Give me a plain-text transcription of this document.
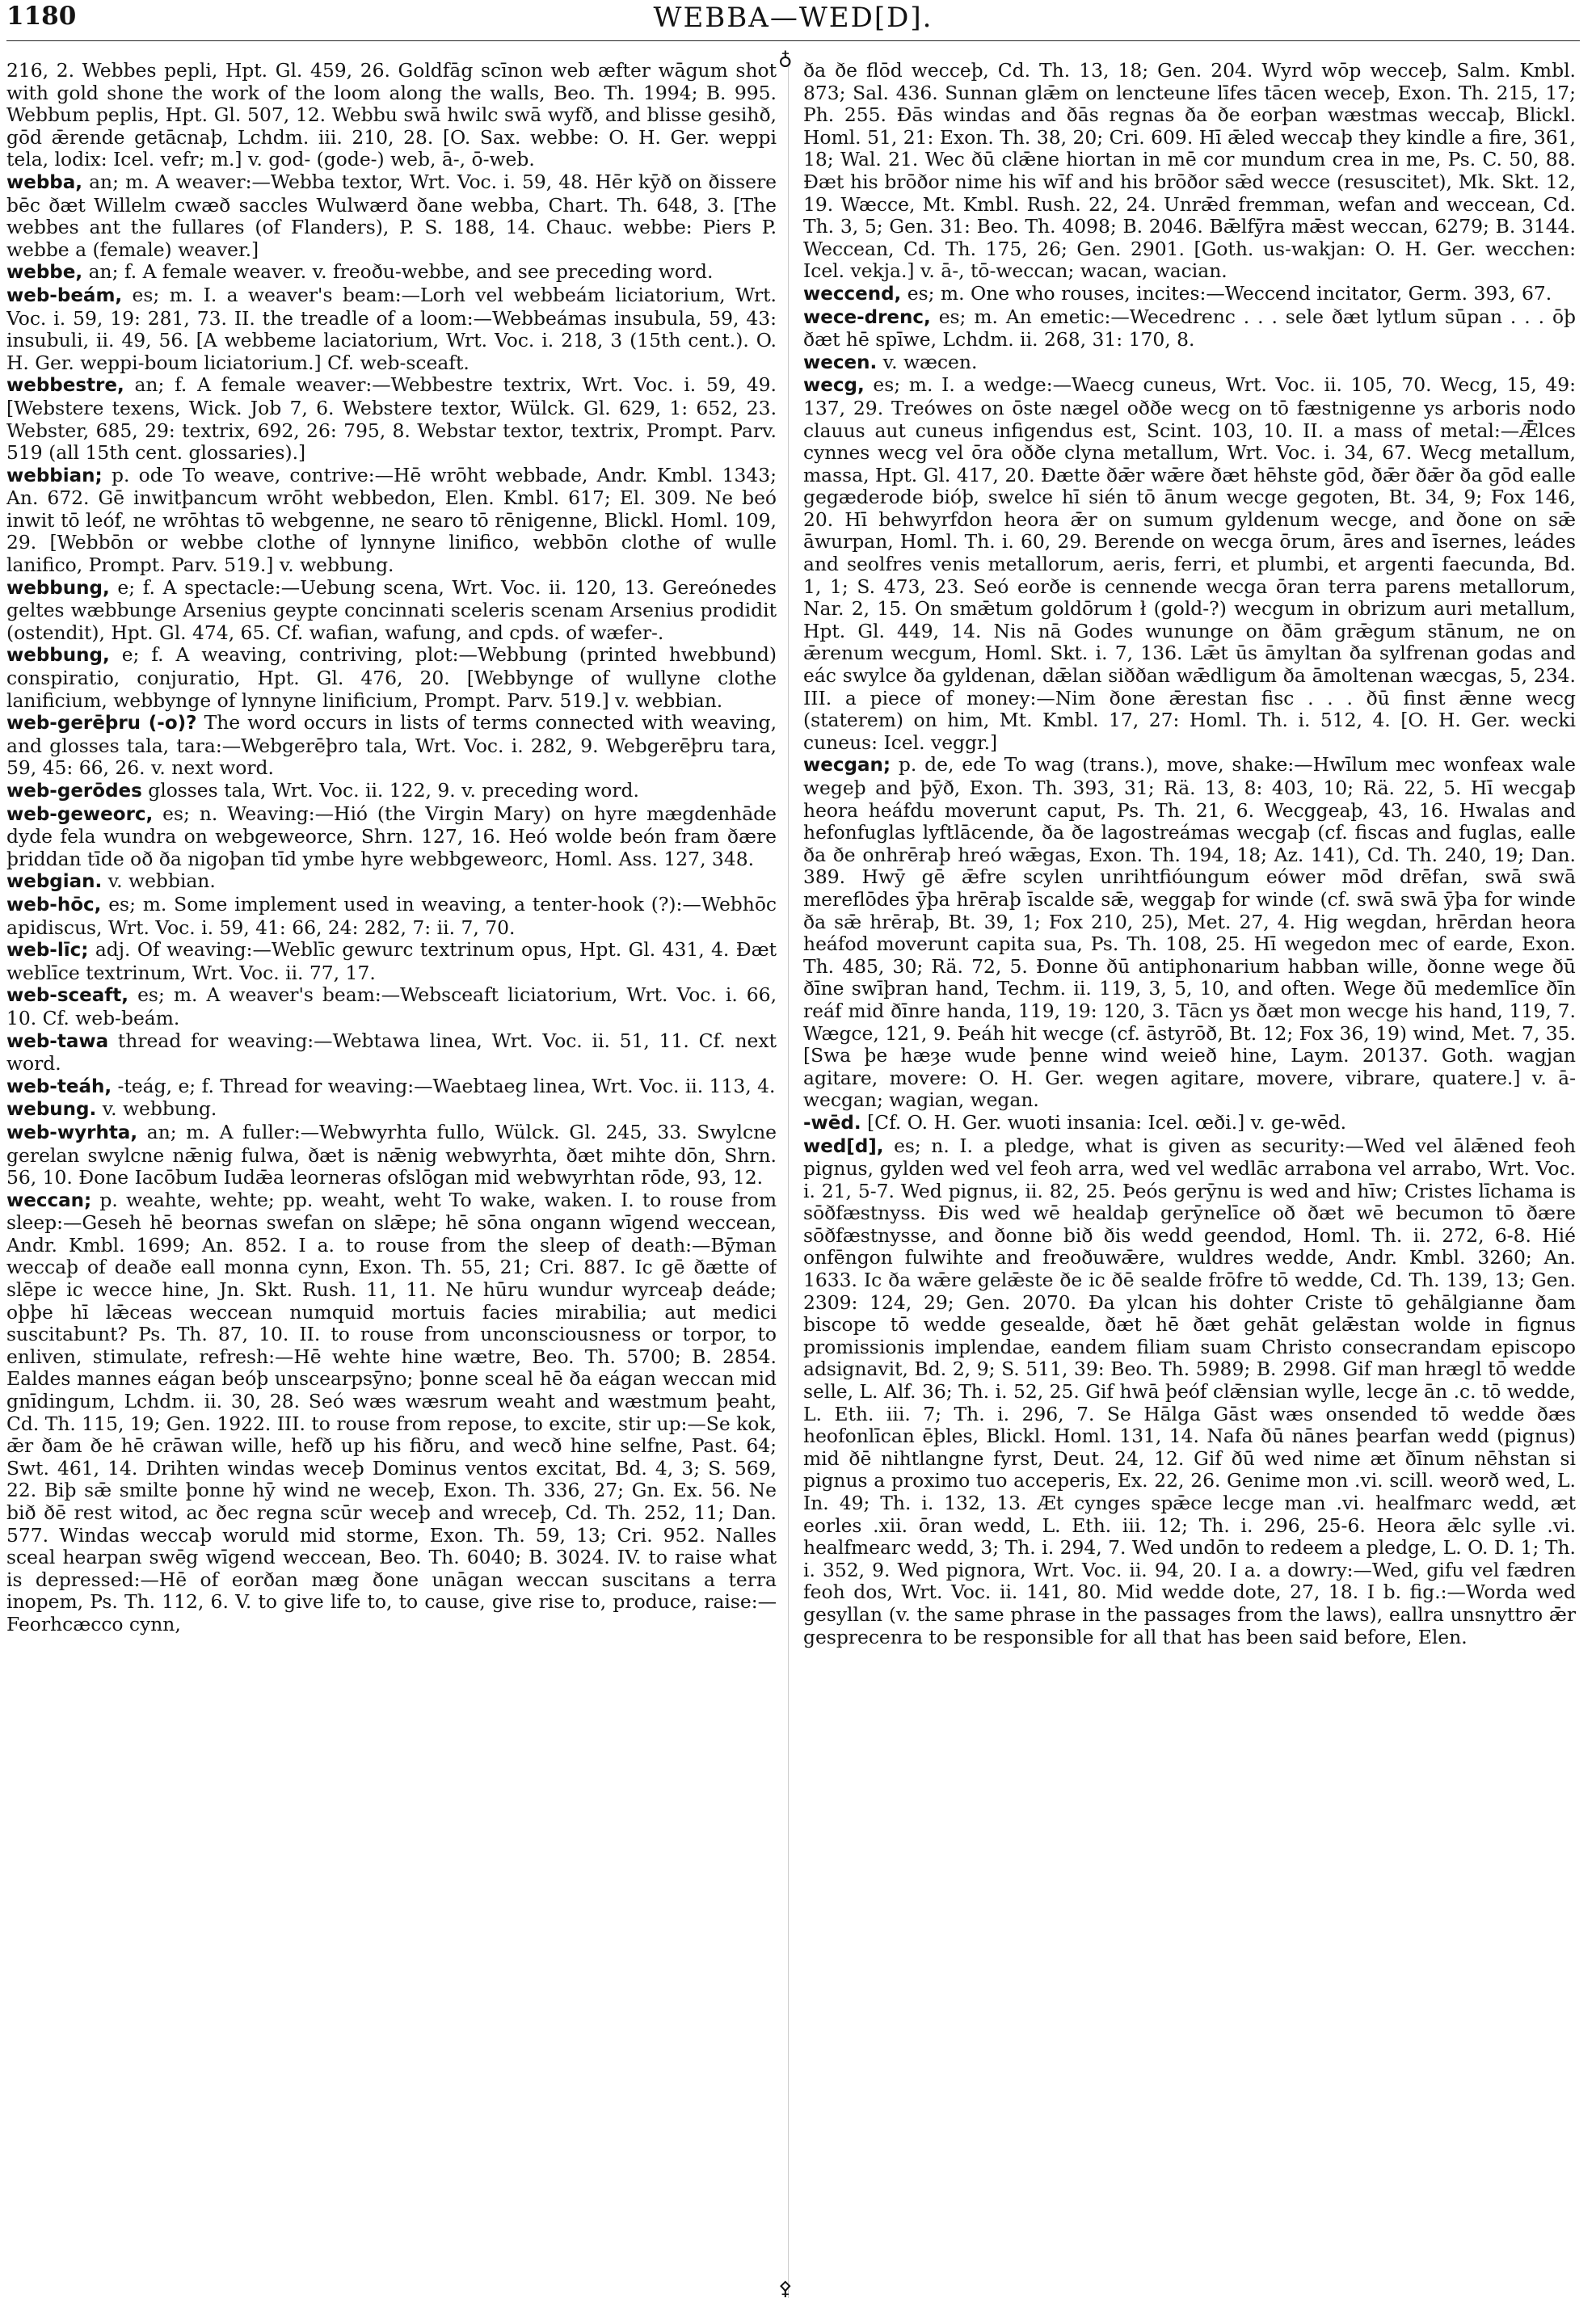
1180	WEBBA—WED[D].
♁
⚴

216, 2. Webbes pepli, Hpt. Gl. 459, 26. Goldfāg scīnon web æfter wāgum shot with gold shone the work of the loom along the walls, Beo. Th. 1994; B. 995. Webbum peplis, Hpt. Gl. 507, 12. Webbu swā hwilc swā wyfð, and blisse gesihð, gōd ǣrende getācnaþ, Lchdm. iii. 210, 28. [O. Sax. webbe: O. H. Ger. weppi tela, lodix: Icel. vefr; m.] v. god- (gode-) web, ā-, ō-web.

webba, an; m. A weaver:—Webba textor, Wrt. Voc. i. 59, 48. Hēr kȳð on ðissere bēc ðæt Willelm cwæð saccles Wulwærd ðane webba, Chart. Th. 648, 3. [The webbes ant the fullares (of Flanders), P. S. 188, 14. Chauc. webbe: Piers P. webbe a (female) weaver.]

webbe, an; f. A female weaver. v. freoðu-webbe, and see preceding word.

web-beám, es; m. I. a weaver's beam:—Lorh vel webbeám liciatorium, Wrt. Voc. i. 59, 19: 281, 73. II. the treadle of a loom:—Webbeámas insubula, 59, 43: insubuli, ii. 49, 56. [A webbeme laciatorium, Wrt. Voc. i. 218, 3 (15th cent.). O. H. Ger. weppi-boum liciatorium.] Cf. web-sceaft.

webbestre, an; f. A female weaver:—Webbestre textrix, Wrt. Voc. i. 59, 49. [Webstere texens, Wick. Job 7, 6. Webstere textor, Wülck. Gl. 629, 1: 652, 23. Webster, 685, 29: textrix, 692, 26: 795, 8. Webstar textor, textrix, Prompt. Parv. 519 (all 15th cent. glossaries).]

webbian; p. ode To weave, contrive:—Hē wrōht webbade, Andr. Kmbl. 1343; An. 672. Gē inwitþancum wrōht webbedon, Elen. Kmbl. 617; El. 309. Ne beó inwit tō leóf, ne wrōhtas tō webgenne, ne searo tō rēnigenne, Blickl. Homl. 109, 29. [Webbōn or webbe clothe of lynnyne linifico, webbōn clothe of wulle lanifico, Prompt. Parv. 519.] v. webbung.

webbung, e; f. A spectacle:—Uebung scena, Wrt. Voc. ii. 120, 13. Gereónedes geltes wæbbunge Arsenius geypte concinnati sceleris scenam Arsenius prodidit (ostendit), Hpt. Gl. 474, 65. Cf. wafian, wafung, and cpds. of wæfer-.

webbung, e; f. A weaving, contriving, plot:—Webbung (printed hwebbund) conspiratio, conjuratio, Hpt. Gl. 476, 20. [Webbynge of wullyne clothe lanificium, webbynge of lynnyne linificium, Prompt. Parv. 519.] v. webbian.

web-gerēþru (-o)? The word occurs in lists of terms connected with weaving, and glosses tala, tara:—Webgerēþro tala, Wrt. Voc. i. 282, 9. Webgerēþru tara, 59, 45: 66, 26. v. next word.

web-gerōdes glosses tala, Wrt. Voc. ii. 122, 9. v. preceding word.

web-geweorc, es; n. Weaving:—Hió (the Virgin Mary) on hyre mægdenhāde dyde fela wundra on webgeweorce, Shrn. 127, 16. Heó wolde beón fram ðære þriddan tīde oð ða nigoþan tīd ymbe hyre webbgeweorc, Homl. Ass. 127, 348.

webgian. v. webbian.

web-hōc, es; m. Some implement used in weaving, a tenter-hook (?):—Webhōc apidiscus, Wrt. Voc. i. 59, 41: 66, 24: 282, 7: ii. 7, 70.

web-līc; adj. Of weaving:—Weblīc gewurc textrinum opus, Hpt. Gl. 431, 4. Ðæt weblīce textrinum, Wrt. Voc. ii. 77, 17.

web-sceaft, es; m. A weaver's beam:—Websceaft liciatorium, Wrt. Voc. i. 66, 10. Cf. web-beám.

web-tawa thread for weaving:—Webtawa linea, Wrt. Voc. ii. 51, 11. Cf. next word.

web-teáh, -teág, e; f. Thread for weaving:—Waebtaeg linea, Wrt. Voc. ii. 113, 4.

webung. v. webbung.

web-wyrhta, an; m. A fuller:—Webwyrhta fullo, Wülck. Gl. 245, 33. Swylcne gerelan swylcne nǣnig fulwa, ðæt is nǣnig webwyrhta, ðæt mihte dōn, Shrn. 56, 10. Ðone Iacōbum Iudǣa leorneras ofslōgan mid webwyrhtan rōde, 93, 12.

weccan; p. weahte, wehte; pp. weaht, weht To wake, waken. I. to rouse from sleep:—Geseh hē beornas swefan on slǣpe; hē sōna ongann wīgend weccean, Andr. Kmbl. 1699; An. 852. I a. to rouse from the sleep of death:—Bȳman weccaþ of deaðe eall monna cynn, Exon. Th. 55, 21; Cri. 887. Ic gē ðætte of slēpe ic wecce hine, Jn. Skt. Rush. 11, 11. Ne hūru wundur wyrceaþ deáde; oþþe hī lǣceas weccean numquid mortuis facies mirabilia; aut medici suscitabunt? Ps. Th. 87, 10. II. to rouse from unconsciousness or torpor, to enliven, stimulate, refresh:—Hē wehte hine wætre, Beo. Th. 5700; B. 2854. Ealdes mannes eágan beóþ unscearpsȳno; þonne sceal hē ða eágan weccan mid gnīdingum, Lchdm. ii. 30, 28. Seó wæs wæsrum weaht and wæstmum þeaht, Cd. Th. 115, 19; Gen. 1922. III. to rouse from repose, to excite, stir up:—Se kok, ǣr ðam ðe hē crāwan wille, hefð up his fiðru, and wecð hine selfne, Past. 64; Swt. 461, 14. Drihten windas weceþ Dominus ventos excitat, Bd. 4, 3; S. 569, 22. Biþ sǣ smilte þonne hȳ wind ne weceþ, Exon. Th. 336, 27; Gn. Ex. 56. Ne bið ðē rest witod, ac ðec regna scūr weceþ and wreceþ, Cd. Th. 252, 11; Dan. 577. Windas weccaþ woruld mid storme, Exon. Th. 59, 13; Cri. 952. Nalles sceal hearpan swēg wīgend weccean, Beo. Th. 6040; B. 3024. IV. to raise what is depressed:—Hē of eorðan mæg ðone unāgan weccan suscitans a terra inopem, Ps. Th. 112, 6. V. to give life to, to cause, give rise to, produce, raise:—Feorhcæcco cynn,

ða ðe flōd wecceþ, Cd. Th. 13, 18; Gen. 204. Wyrd wōp wecceþ, Salm. Kmbl. 873; Sal. 436. Sunnan glǣm on lencteune līfes tācen weceþ, Exon. Th. 215, 17; Ph. 255. Ðās windas and ðās regnas ða ðe eorþan wæstmas weccaþ, Blickl. Homl. 51, 21: Exon. Th. 38, 20; Cri. 609. Hī ǣled weccaþ they kindle a fire, 361, 18; Wal. 21. Wec ðū clǣne hiortan in mē cor mundum crea in me, Ps. C. 50, 88. Ðæt his brōðor nime his wīf and his brōðor sǣd wecce (resuscitet), Mk. Skt. 12, 19. Wæcce, Mt. Kmbl. Rush. 22, 24. Unrǣd fremman, wefan and weccean, Cd. Th. 3, 5; Gen. 31: Beo. Th. 4098; B. 2046. Bǣlfȳra mǣst weccan, 6279; B. 3144. Weccean, Cd. Th. 175, 26; Gen. 2901. [Goth. us-wakjan: O. H. Ger. wecchen: Icel. vekja.] v. ā-, tō-weccan; wacan, wacian.

weccend, es; m. One who rouses, incites:—Weccend incitator, Germ. 393, 67.

wece-drenc, es; m. An emetic:—Wecedrenc . . . sele ðæt lytlum sūpan . . . ōþ ðæt hē spīwe, Lchdm. ii. 268, 31: 170, 8.

wecen. v. wæcen.

wecg, es; m. I. a wedge:—Waecg cuneus, Wrt. Voc. ii. 105, 70. Wecg, 15, 49: 137, 29. Treówes on ōste nægel oððe wecg on tō fæstnigenne ys arboris nodo clauus aut cuneus infigendus est, Scint. 103, 10. II. a mass of metal:—Ǣlces cynnes wecg vel ōra oððe clyna metallum, Wrt. Voc. i. 34, 67. Wecg metallum, massa, Hpt. Gl. 417, 20. Ðætte ðǣr wǣre ðæt hēhste gōd, ðǣr ðǣr ða gōd ealle gegæderode bióþ, swelce hī sién tō ānum wecge gegoten, Bt. 34, 9; Fox 146, 20. Hī behwyrfdon heora ǣr on sumum gyldenum wecge, and ðone on sǣ āwurpan, Homl. Th. i. 60, 29. Berende on wecga ōrum, āres and īsernes, leádes and seolfres venis metallorum, aeris, ferri, et plumbi, et argenti faecunda, Bd. 1, 1; S. 473, 23. Seó eorðe is cennende wecga ōran terra parens metallorum, Nar. 2, 15. On smǣtum goldōrum ł (gold-?) wecgum in obrizum auri metallum, Hpt. Gl. 449, 14. Nis nā Godes wununge on ðām grǣgum stānum, ne on ǣrenum wecgum, Homl. Skt. i. 7, 136. Lǣt ūs āmyltan ða sylfrenan godas and eác swylce ða gyldenan, dǣlan siððan wǣdligum ða āmoltenan wæcgas, 5, 234. III. a piece of money:—Nim ðone ǣrestan fisc . . . ðū finst ǣnne wecg (staterem) on him, Mt. Kmbl. 17, 27: Homl. Th. i. 512, 4. [O. H. Ger. wecki cuneus: Icel. veggr.]

wecgan; p. de, ede To wag (trans.), move, shake:—Hwīlum mec wonfeax wale wegeþ and þȳð, Exon. Th. 393, 31; Rä. 13, 8: 403, 10; Rä. 22, 5. Hī wecgaþ heora heáfdu moverunt caput, Ps. Th. 21, 6. Wecggeaþ, 43, 16. Hwalas and hefonfuglas lyftlācende, ða ðe lagostreámas wecgaþ (cf. fiscas and fuglas, ealle ða ðe onhrēraþ hreó wǣgas, Exon. Th. 194, 18; Az. 141), Cd. Th. 240, 19; Dan. 389. Hwȳ gē ǣfre scylen unrihtfióungum eówer mōd drēfan, swā swā mereflōdes ȳþa hrēraþ īscalde sǣ, weggaþ for winde (cf. swā swā ȳþa for winde ða sǣ hrēraþ, Bt. 39, 1; Fox 210, 25), Met. 27, 4. Hig wegdan, hrērdan heora heáfod moverunt capita sua, Ps. Th. 108, 25. Hī wegedon mec of earde, Exon. Th. 485, 30; Rä. 72, 5. Ðonne ðū antiphonarium habban wille, ðonne wege ðū ðīne swīþran hand, Techm. ii. 119, 3, 5, 10, and often. Wege ðū medemlīce ðīn reáf mid ðīnre handa, 119, 19: 120, 3. Tācn ys ðæt mon wecge his hand, 119, 7. Wægce, 121, 9. Þeáh hit wecge (cf. āstyrōð, Bt. 12; Fox 36, 19) wind, Met. 7, 35. [Swa þe hæȝe wude þenne wind weieð hine, Laym. 20137. Goth. wagjan agitare, movere: O. H. Ger. wegen agitare, movere, vibrare, quatere.] v. ā-wecgan; wagian, wegan.

-wēd. [Cf. O. H. Ger. wuoti insania: Icel. œði.] v. ge-wēd.

wed[d], es; n. I. a pledge, what is given as security:—Wed vel ālǣned feoh pignus, gylden wed vel feoh arra, wed vel wedlāc arrabona vel arrabo, Wrt. Voc. i. 21, 5-7. Wed pignus, ii. 82, 25. Þeós gerȳnu is wed and hīw; Cristes līchama is sōðfæstnyss. Ðis wed wē healdaþ gerȳnelīce oð ðæt wē becumon tō ðære sōðfæstnysse, and ðonne bið ðis wedd geendod, Homl. Th. ii. 272, 6-8. Hié onfēngon fulwihte and freoðuwǣre, wuldres wedde, Andr. Kmbl. 3260; An. 1633. Ic ða wǣre gelǣste ðe ic ðē sealde frōfre tō wedde, Cd. Th. 139, 13; Gen. 2309: 124, 29; Gen. 2070. Ða ylcan his dohter Criste tō gehālgianne ðam biscope tō wedde gesealde, ðæt hē ðæt gehāt gelǣstan wolde in fignus promissionis implendae, eandem filiam suam Christo consecrandam episcopo adsignavit, Bd. 2, 9; S. 511, 39: Beo. Th. 5989; B. 2998. Gif man hrægl tō wedde selle, L. Alf. 36; Th. i. 52, 25. Gif hwā þeóf clǣnsian wylle, lecge ān .c. tō wedde, L. Eth. iii. 7; Th. i. 296, 7. Se Hālga Gāst wæs onsended tō wedde ðæs heofonlīcan ēþles, Blickl. Homl. 131, 14. Nafa ðū nānes þearfan wedd (pignus) mid ðē nihtlangne fyrst, Deut. 24, 12. Gif ðū wed nime æt ðīnum nēhstan si pignus a proximo tuo acceperis, Ex. 22, 26. Genime mon .vi. scill. weorð wed, L. In. 49; Th. i. 132, 13. Æt cynges spǣce lecge man .vi. healfmarc wedd, æt eorles .xii. ōran wedd, L. Eth. iii. 12; Th. i. 296, 25-6. Heora ǣlc sylle .vi. healfmearc wedd, 3; Th. i. 294, 7. Wed undōn to redeem a pledge, L. O. D. 1; Th. i. 352, 9. Wed pignora, Wrt. Voc. ii. 94, 20. I a. a dowry:—Wed, gifu vel fædren feoh dos, Wrt. Voc. ii. 141, 80. Mid wedde dote, 27, 18. I b. fig.:—Worda wed gesyllan (v. the same phrase in the passages from the laws), eallra unsnyttro ǣr gesprecenra to be responsible for all that has been said before, Elen.
